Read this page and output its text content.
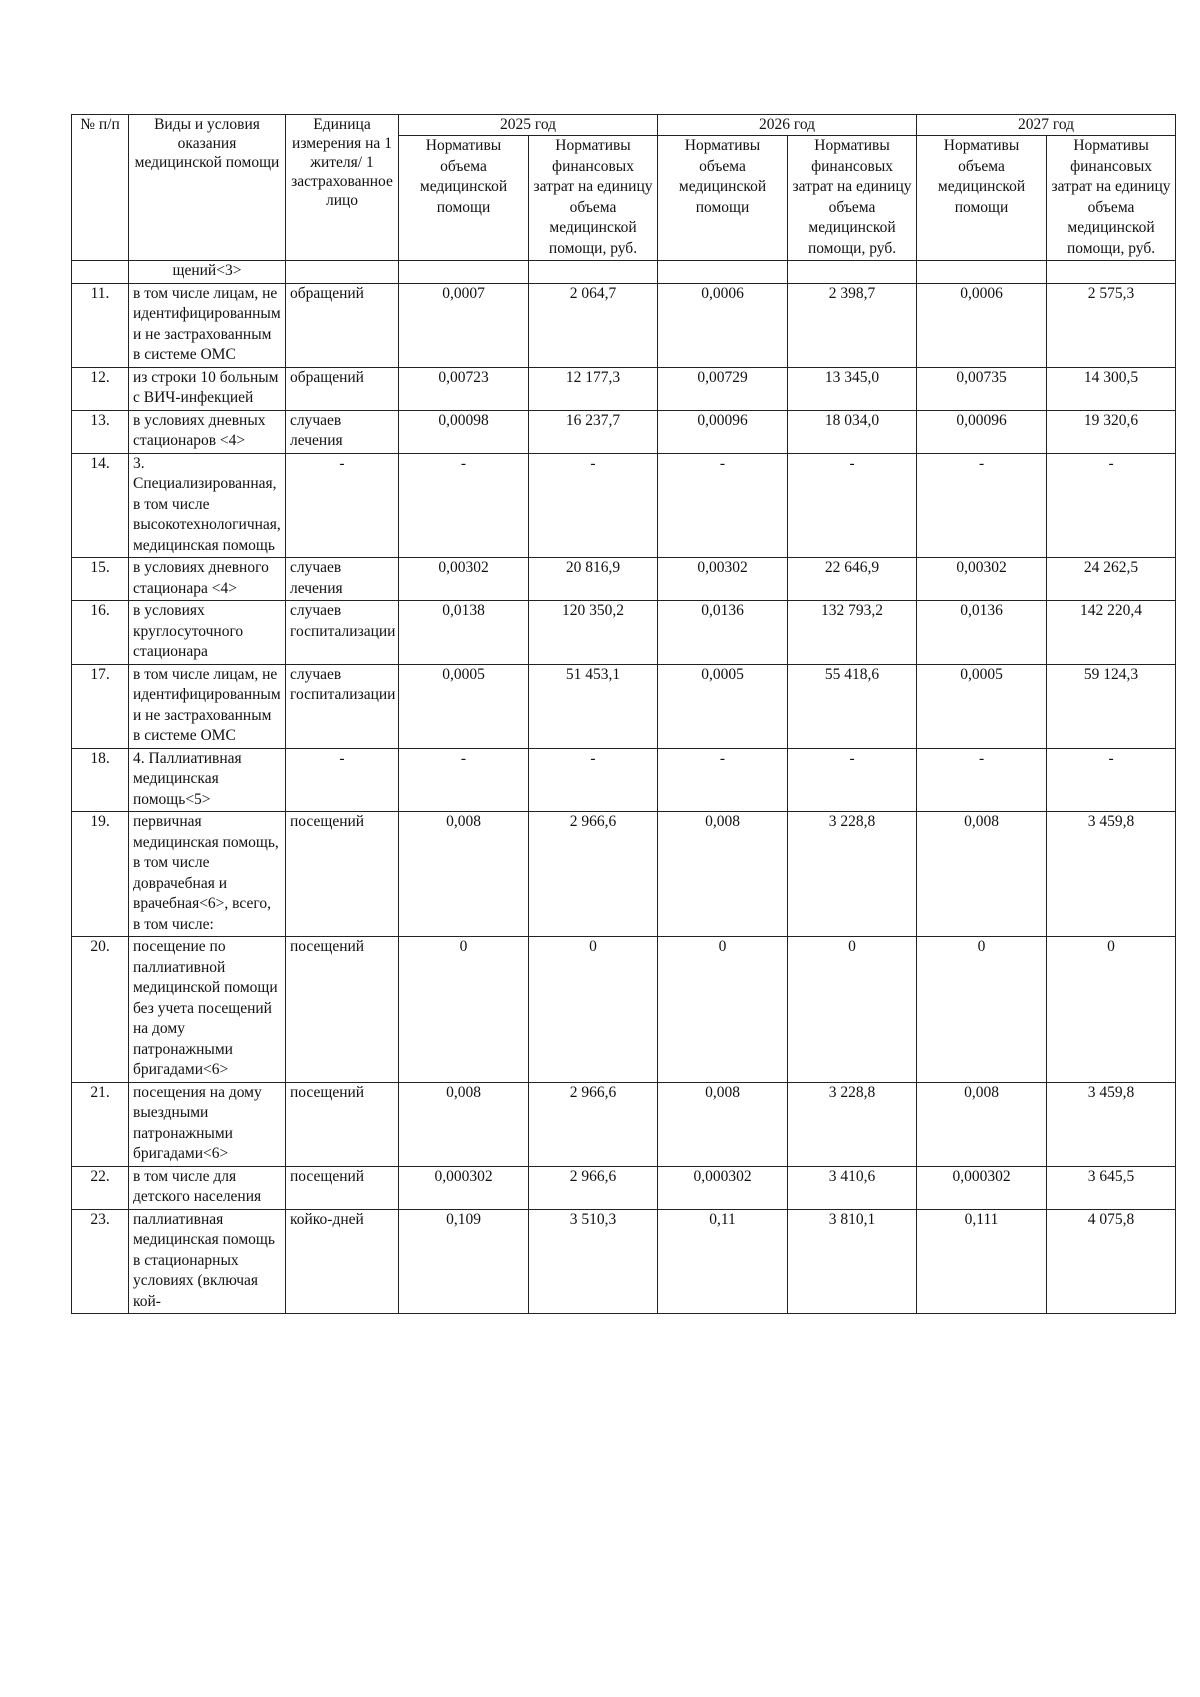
№ п/п	Виды и условия оказания медицинской помощи	Единица измерения на 1 жителя/ 1 застрахованное лицо	2025 год		2026 год		2027 год	
			Нормативы объема медицинской помощи	Нормативы финансовых затрат на единицу объема медицинской помощи, руб.	Нормативы объема медицинской помощи	Нормативы финансовых затрат на единицу объема медицинской помощи, руб.	Нормативы объема медицинской помощи	Нормативы финансовых затрат на единицу объема медицинской помощи, руб.
	щений<3>							
11.	в том числе лицам, не идентифицированным и не застрахованным в системе ОМС	обращений	0,0007	2 064,7	0,0006	2 398,7	0,0006	2 575,3
12.	из строки 10 больным с ВИЧ-инфекцией	обращений	0,00723	12 177,3	0,00729	13 345,0	0,00735	14 300,5
13.	в условиях дневных стационаров <4>	случаев лечения	0,00098	16 237,7	0,00096	18 034,0	0,00096	19 320,6
14.	3. Специализированная, в том числе высокотехнологичная, медицинская помощь	-	-	-	-	-	-	-
15.	в условиях дневного стационара <4>	случаев лечения	0,00302	20 816,9	0,00302	22 646,9	0,00302	24 262,5
16.	в условиях круглосуточного стационара	случаев госпитализации	0,0138	120 350,2	0,0136	132 793,2	0,0136	142 220,4
17.	в том числе лицам, не идентифицированным и не застрахованным в системе ОМС	случаев госпитализации	0,0005	51 453,1	0,0005	55 418,6	0,0005	59 124,3
18.	4. Паллиативная медицинская помощь<5>	-	-	-	-	-	-	-
19.	первичная медицинская помощь, в том числе доврачебная и врачебная<6>, всего, в том числе:	посещений	0,008	2 966,6	0,008	3 228,8	0,008	3 459,8
20.	посещение по паллиативной медицинской помощи без учета посещений на дому патронажными бригадами<6>	посещений	0	0	0	0	0	0
21.	посещения на дому выездными патронажными бригадами<6>	посещений	0,008	2 966,6	0,008	3 228,8	0,008	3 459,8
22.	в том числе для детского населения	посещений	0,000302	2 966,6	0,000302	3 410,6	0,000302	3 645,5
23.	паллиативная медицинская помощь в стационарных условиях (включая кой-	койко-дней	0,109	3 510,3	0,11	3 810,1	0,111	4 075,8
